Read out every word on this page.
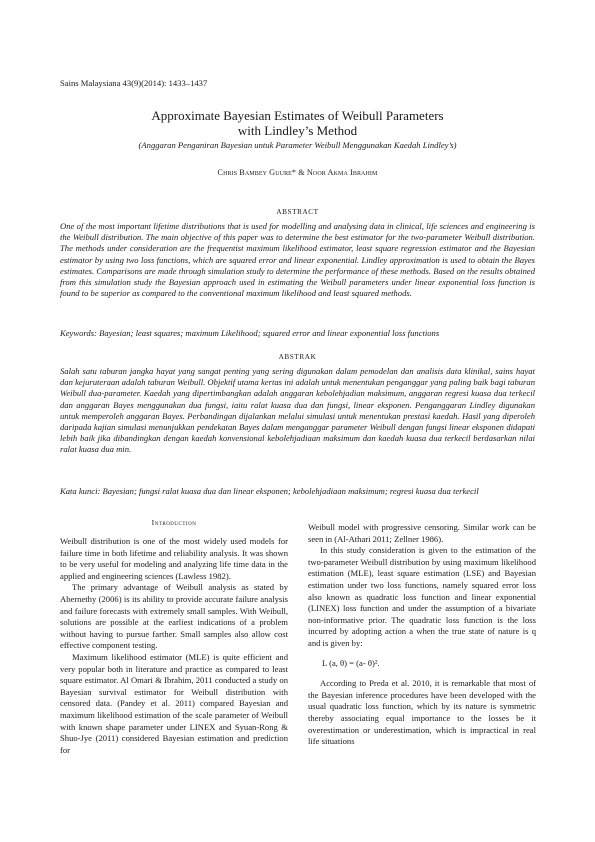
Sains Malaysiana 43(9)(2014): 1433–1437
Approximate Bayesian Estimates of Weibull Parameters
with Lindley’s Method
(Anggaran Penganiran Bayesian untuk Parameter Weibull Menggunakan Kaedah Lindley’s)
Chris Bambey Guure* & Noor Akma Ibrahim
ABSTRACT
One of the most important lifetime distributions that is used for modelling and analysing data in clinical, life sciences and engineering is the Weibull distribution. The main objective of this paper was to determine the best estimator for the two-parameter Weibull distribution. The methods under consideration are the frequentist maximum likelihood estimator, least square regression estimator and the Bayesian estimator by using two loss functions, which are squared error and linear exponential. Lindley approximation is used to obtain the Bayes estimates. Comparisons are made through simulation study to determine the performance of these methods. Based on the results obtained from this simulation study the Bayesian approach used in estimating the Weibull parameters under linear exponential loss function is found to be superior as compared to the conventional maximum likelihood and least squared methods.
Keywords: Bayesian; least squares; maximum Likelihood; squared error and linear exponential loss functions
ABSTRAK
Salah satu taburan jangka hayat yang sangat penting yang sering digunakan dalam pemodelan dan analisis data klinikal, sains hayat dan kejuruteraan adalah taburan Weibull. Objektif utama kertas ini adalah untuk menentukan penganggar yang paling baik bagi taburan Weibull dua-parameter. Kaedah yang dipertimbangkan adalah anggaran kebolehjadian maksimum, anggaran regresi kuasa dua terkecil dan anggaran Bayes menggunakan dua fungsi, iaitu ralat kuasa dua dan fungsi, linear eksponen. Penganggaran Lindley digunakan untuk memperoleh anggaran Bayes. Perbandingan dijalankan melalui simulasi untuk menentukan prestasi kaedah. Hasil yang diperoleh daripada kajian simulasi menunjukkan pendekatan Bayes dalam menganggar parameter Weibull dengan fungsi linear eksponen didapati lebih baik jika dibandingkan dengan kaedah konvensional kebolehjadiaan maksimum dan kaedah kuasa dua terkecil berdasarkan nilai ralat kuasa dua min.
Kata kunci: Bayesian; fungsi ralat kuasa dua dan linear eksponen; kebolehjadiaan maksimum; regresi kuasa dua terkecil
Introduction

Weibull distribution is one of the most widely used models for failure time in both lifetime and reliability analysis. It was shown to be very useful for modeling and analyzing life time data in the applied and engineering sciences (Lawless 1982).

The primary advantage of Weibull analysis as stated by Abernethy (2006) is its ability to provide accurate failure analysis and failure forecasts with extremely small samples. With Weibull, solutions are possible at the earliest indications of a problem without having to pursue farther. Small samples also allow cost effective component testing.

Maximum likelihood estimator (MLE) is quite efficient and very popular both in literature and practice as compared to least square estimator. Al Omari & Ibrahim, 2011 conducted a study on Bayesian survival estimator for Weibull distribution with censored data. (Pandey et al. 2011) compared Bayesian and maximum likelihood estimation of the scale parameter of Weibull with known shape parameter under LINEX and Syuan-Rong & Shuo-Jye (2011) considered Bayesian estimation and prediction for

Weibull model with progressive censoring. Similar work can be seen in (Al-Athari 2011; Zellner 1986).

In this study consideration is given to the estimation of the two-parameter Weibull distribution by using maximum likelihood estimation (MLE), least square estimation (LSE) and Bayesian estimation under two loss functions, namely squared error loss also known as quadratic loss function and linear exponential (LINEX) loss function and under the assumption of a bivariate non-informative prior. The quadratic loss function is the loss incurred by adopting action a when the true state of nature is q and is given by:

L (a, θ) = (a- θ)².

According to Preda et al. 2010, it is remarkable that most of the Bayesian inference procedures have been developed with the usual quadratic loss function, which by its nature is symmetric thereby associating equal importance to the losses be it overestimation or underestimation, which is impractical in real life situations
